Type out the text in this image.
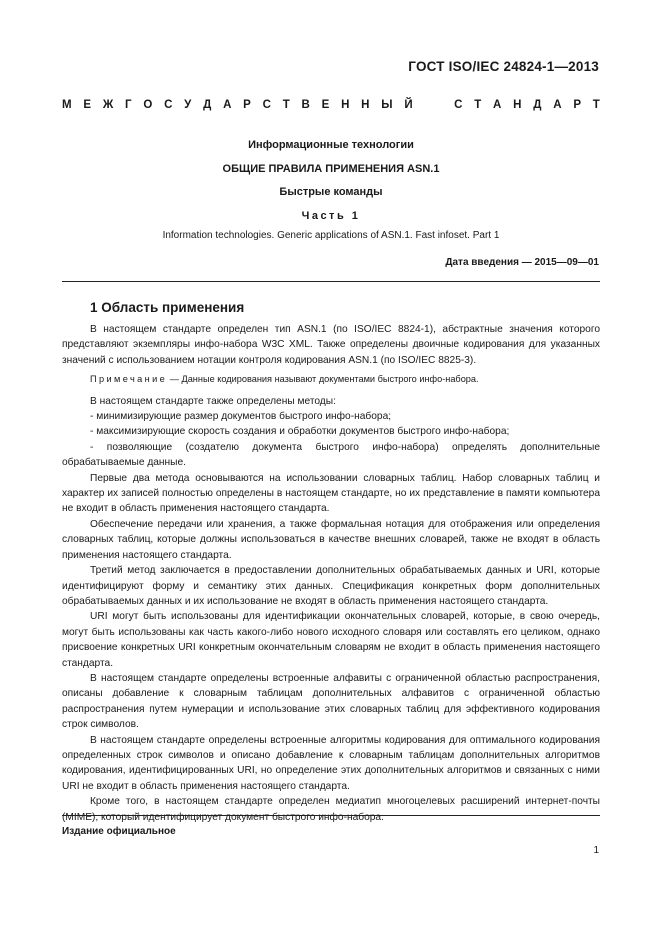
ГОСТ ISO/IEC 24824-1—2013
М Е Ж Г О С У Д А Р С Т В Е Н Н Ы Й	С Т А Н Д А Р Т
Информационные технологии
ОБЩИЕ ПРАВИЛА ПРИМЕНЕНИЯ ASN.1
Быстрые команды
Часть 1
Information technologies. Generic applications of ASN.1. Fast infoset. Part 1
Дата введения — 2015—09—01
1 Область применения

В настоящем стандарте определен тип ASN.1 (по ISO/IEC 8824-1), абстрактные значения которого представляют экземпляры инфо-набора W3C XML. Также определены двоичные кодирования для указанных значений с использованием нотации контроля кодирования ASN.1 (по ISO/IEC 8825-3).

Примечание — Данные кодирования называют документами быстрого инфо-набора.

В настоящем стандарте также определены методы:

- минимизирующие размер документов быстрого инфо-набора;

- максимизирующие скорость создания и обработки документов быстрого инфо-набора;

- позволяющие (создателю документа быстрого инфо-набора) определять дополнительные обрабатываемые данные.

Первые два метода основываются на использовании словарных таблиц. Набор словарных таблиц и характер их записей полностью определены в настоящем стандарте, но их представление в памяти компьютера не входит в область применения настоящего стандарта.

Обеспечение передачи или хранения, а также формальная нотация для отображения или определения словарных таблиц, которые должны использоваться в качестве внешних словарей, также не входят в область применения настоящего стандарта.

Третий метод заключается в предоставлении дополнительных обрабатываемых данных и URI, которые идентифицируют форму и семантику этих данных. Спецификация конкретных форм дополнительных обрабатываемых данных и их использование не входят в область применения настоящего стандарта.

URI могут быть использованы для идентификации окончательных словарей, которые, в свою очередь, могут быть использованы как часть какого-либо нового исходного словаря или составлять его целиком, однако присвоение конкретных URI конкретным окончательным словарям не входит в область применения настоящего стандарта.

В настоящем стандарте определены встроенные алфавиты с ограниченной областью распространения, описаны добавление к словарным таблицам дополнительных алфавитов с ограниченной областью распространения путем нумерации и использование этих словарных таблиц для эффективного кодирования строк символов.

В настоящем стандарте определены встроенные алгоритмы кодирования для оптимального кодирования определенных строк символов и описано добавление к словарным таблицам дополнительных алгоритмов кодирования, идентифицированных URI, но определение этих дополнительных алгоритмов и связанных с ними URI не входит в область применения настоящего стандарта.

Кроме того, в настоящем стандарте определен медиатип многоцелевых расширений интернет-почты (MIME), который идентифицирует документ быстрого инфо-набора.

Издание официальное
1
